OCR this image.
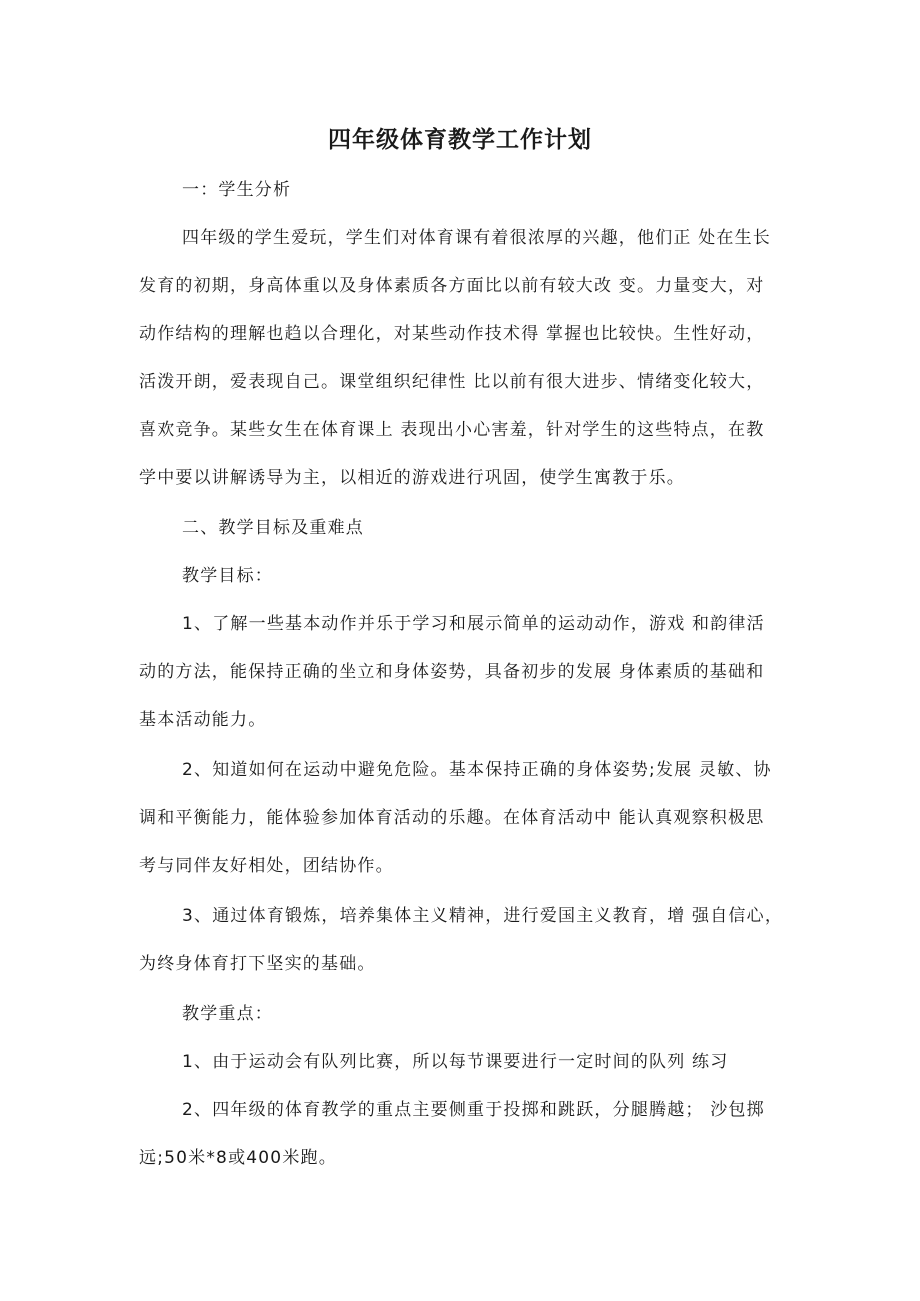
四年级体育教学工作计划
一：学生分析
四年级的学生爱玩，学生们对体育课有着很浓厚的兴趣，他们正 处在生长
发育的初期，身高体重以及身体素质各方面比以前有较大改 变。力量变大，对
动作结构的理解也趋以合理化，对某些动作技术得 掌握也比较快。生性好动，
活泼开朗，爱表现自己。课堂组织纪律性 比以前有很大进步、情绪变化较大，
喜欢竞争。某些女生在体育课上 表现出小心害羞，针对学生的这些特点，在教
学中要以讲解诱导为主，以相近的游戏进行巩固，使学生寓教于乐。
二、教学目标及重难点
教学目标：
1、了解一些基本动作并乐于学习和展示简单的运动动作，游戏 和韵律活
动的方法，能保持正确的坐立和身体姿势，具备初步的发展 身体素质的基础和
基本活动能力。
2、知道如何在运动中避免危险。基本保持正确的身体姿势;发展 灵敏、协
调和平衡能力，能体验参加体育活动的乐趣。在体育活动中 能认真观察积极思
考与同伴友好相处，团结协作。
3、通过体育锻炼，培养集体主义精神，进行爱国主义教育，增 强自信心，
为终身体育打下坚实的基础。
教学重点：
1、由于运动会有队列比赛，所以每节课要进行一定时间的队列 练习
2、四年级的体育教学的重点主要侧重于投掷和跳跃，分腿腾越； 沙包掷
远;50米*8或400米跑。
